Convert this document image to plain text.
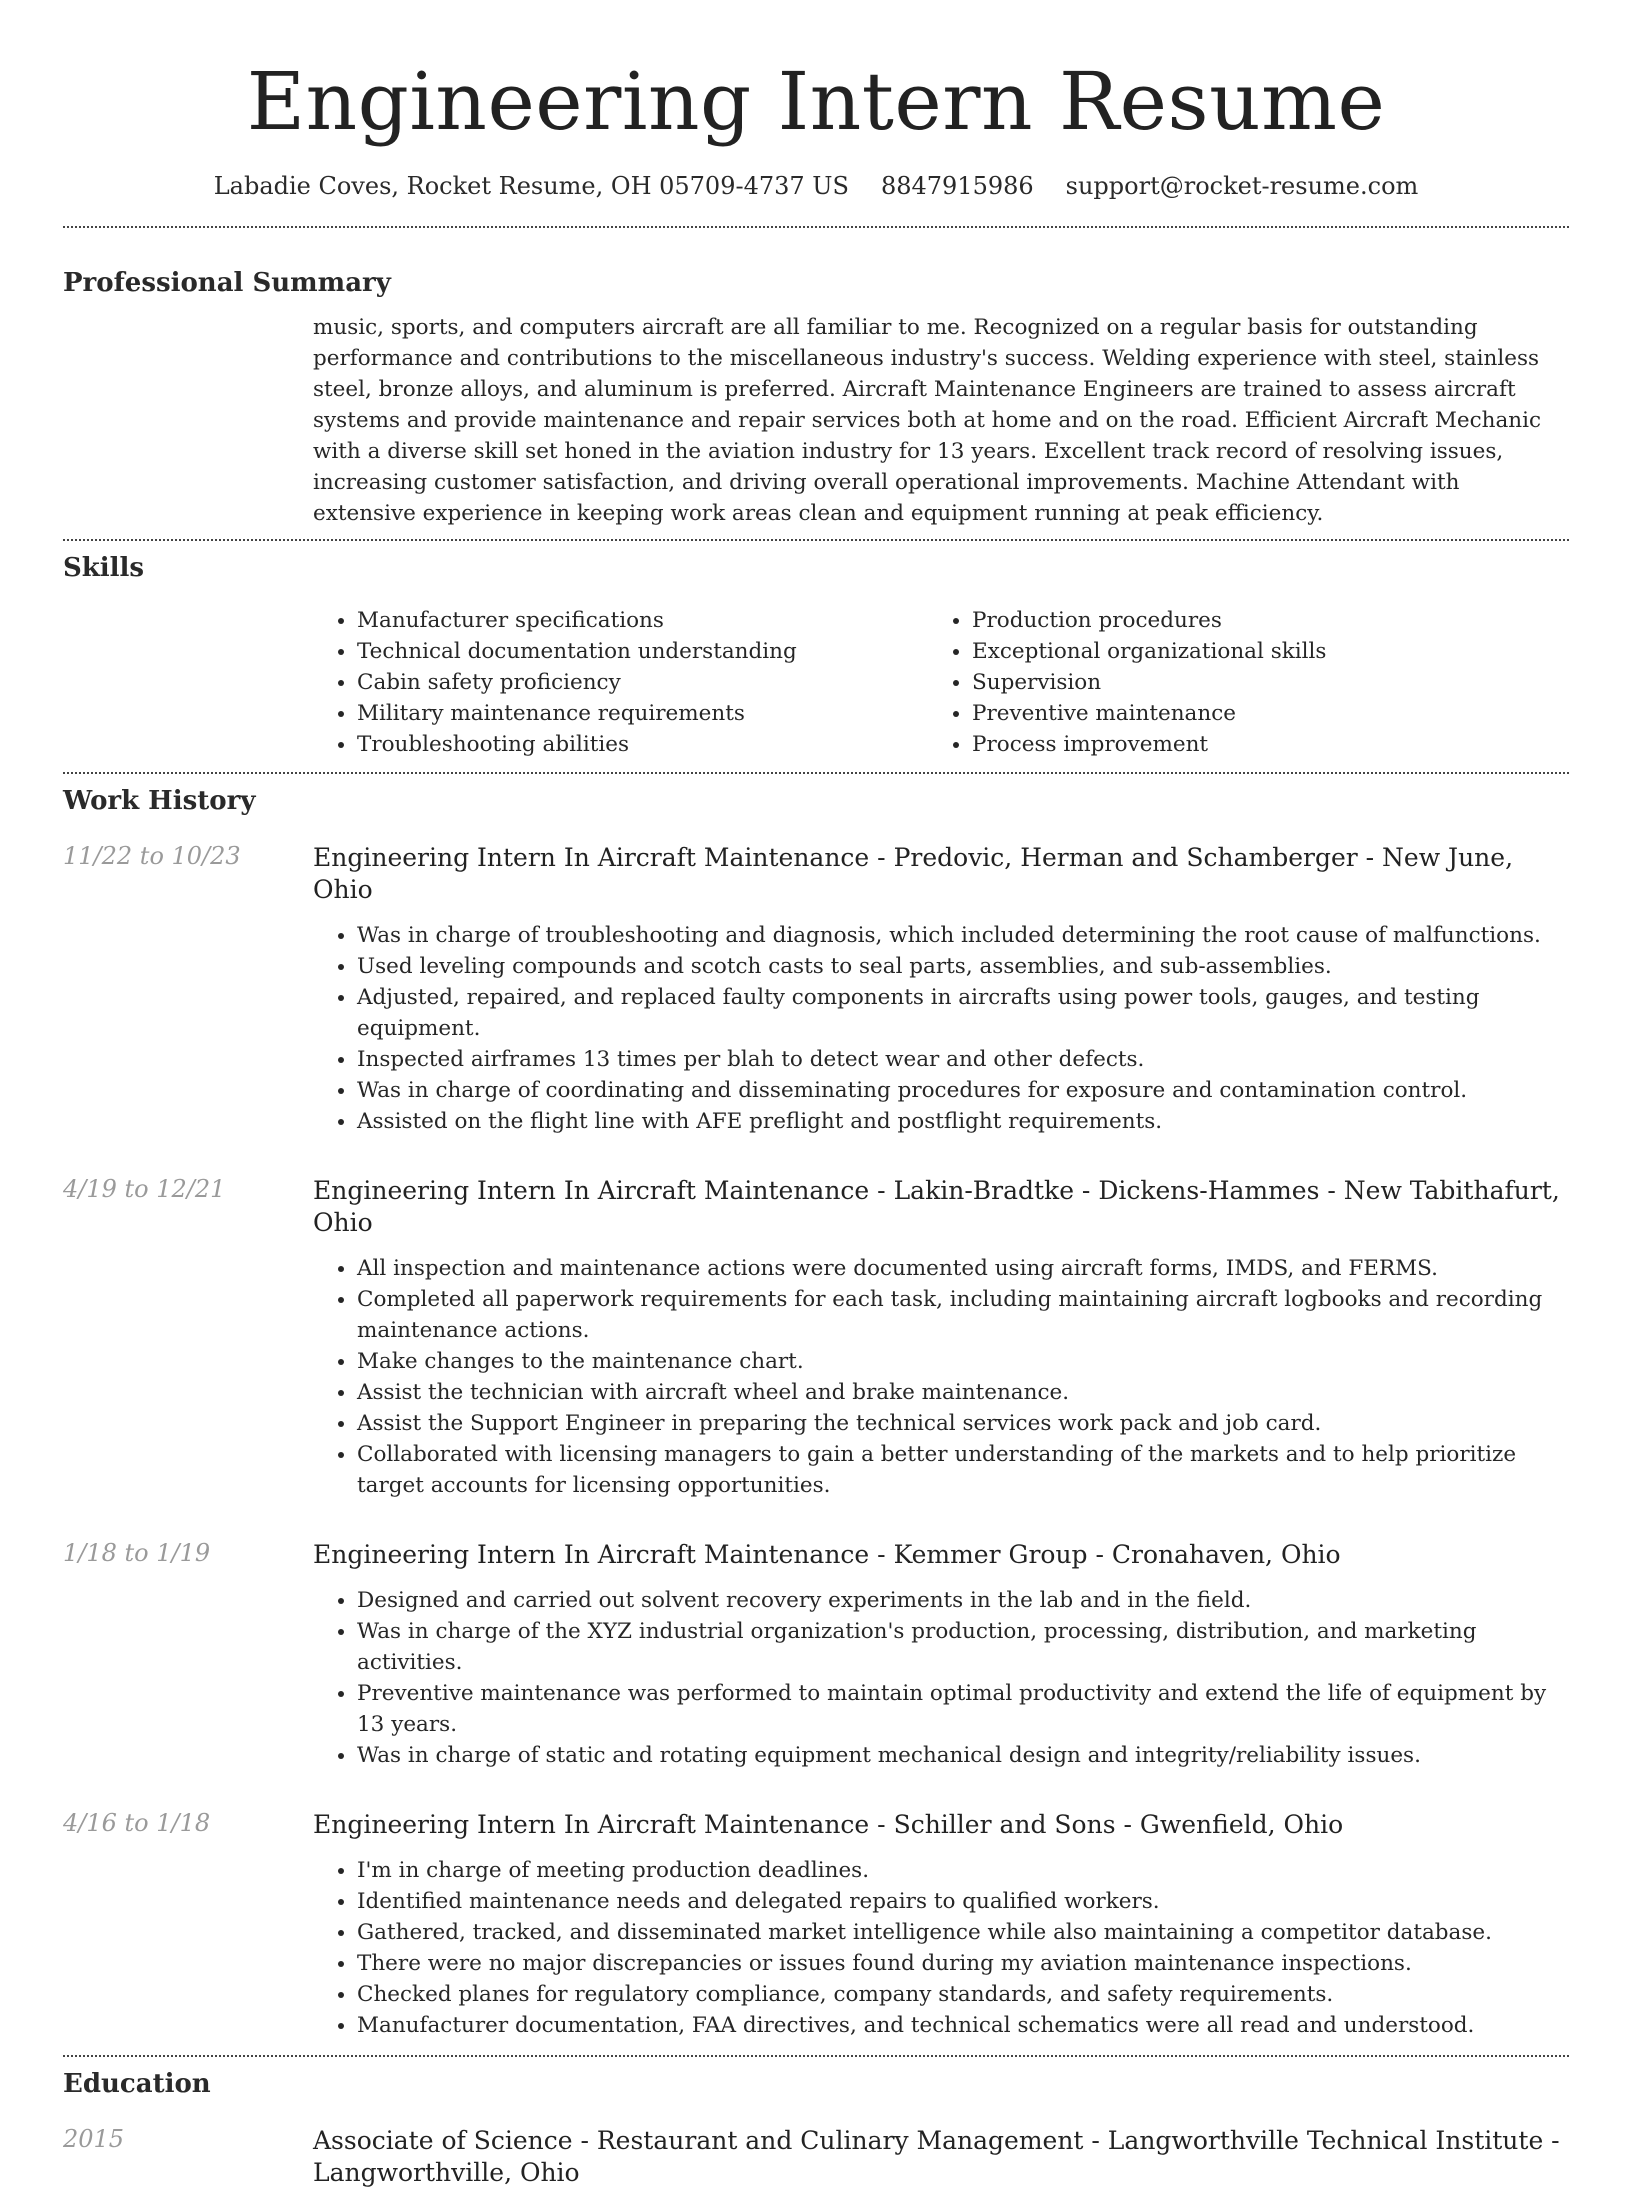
Engineering Intern Resume
Labadie Coves, Rocket Resume, OH 05709-4737 US 8847915986 support@rocket-resume.com
Professional Summary

music, sports, and computers aircraft are all familiar to me. Recognized on a regular basis for outstanding performance and contributions to the miscellaneous industry's success. Welding experience with steel, stainless steel, bronze alloys, and aluminum is preferred. Aircraft Maintenance Engineers are trained to assess aircraft systems and provide maintenance and repair services both at home and on the road. Efficient Aircraft Mechanic with a diverse skill set honed in the aviation industry for 13 years. Excellent track record of resolving issues, increasing customer satisfaction, and driving overall operational improvements. Machine Attendant with extensive experience in keeping work areas clean and equipment running at peak efficiency.

Skills
• Manufacturer specifications
• Technical documentation understanding
• Cabin safety proficiency
• Military maintenance requirements
• Troubleshooting abilities
• Production procedures
• Exceptional organizational skills
• Supervision
• Preventive maintenance
• Process improvement
Work History
11/22 to 10/23	Engineering Intern In Aircraft Maintenance - Predovic, Herman and Schamberger - New June, Ohio
• Was in charge of troubleshooting and diagnosis, which included determining the root cause of malfunctions.
• Used leveling compounds and scotch casts to seal parts, assemblies, and sub-assemblies.
• Adjusted, repaired, and replaced faulty components in aircrafts using power tools, gauges, and testing equipment.
• Inspected airframes 13 times per blah to detect wear and other defects.
• Was in charge of coordinating and disseminating procedures for exposure and contamination control.
• Assisted on the flight line with AFE preflight and postflight requirements.
4/19 to 12/21	Engineering Intern In Aircraft Maintenance - Lakin-Bradtke - Dickens-Hammes - New Tabithafurt, Ohio
• All inspection and maintenance actions were documented using aircraft forms, IMDS, and FERMS.
• Completed all paperwork requirements for each task, including maintaining aircraft logbooks and recording maintenance actions.
• Make changes to the maintenance chart.
• Assist the technician with aircraft wheel and brake maintenance.
• Assist the Support Engineer in preparing the technical services work pack and job card.
• Collaborated with licensing managers to gain a better understanding of the markets and to help prioritize target accounts for licensing opportunities.
1/18 to 1/19	Engineering Intern In Aircraft Maintenance - Kemmer Group - Cronahaven, Ohio
• Designed and carried out solvent recovery experiments in the lab and in the field.
• Was in charge of the XYZ industrial organization's production, processing, distribution, and marketing activities.
• Preventive maintenance was performed to maintain optimal productivity and extend the life of equipment by 13 years.
• Was in charge of static and rotating equipment mechanical design and integrity/reliability issues.
4/16 to 1/18	Engineering Intern In Aircraft Maintenance - Schiller and Sons - Gwenfield, Ohio
• I'm in charge of meeting production deadlines.
• Identified maintenance needs and delegated repairs to qualified workers.
• Gathered, tracked, and disseminated market intelligence while also maintaining a competitor database.
• There were no major discrepancies or issues found during my aviation maintenance inspections.
• Checked planes for regulatory compliance, company standards, and safety requirements.
• Manufacturer documentation, FAA directives, and technical schematics were all read and understood.
Education
2015	Associate of Science - Restaurant and Culinary Management - Langworthville Technical Institute - Langworthville, Ohio
